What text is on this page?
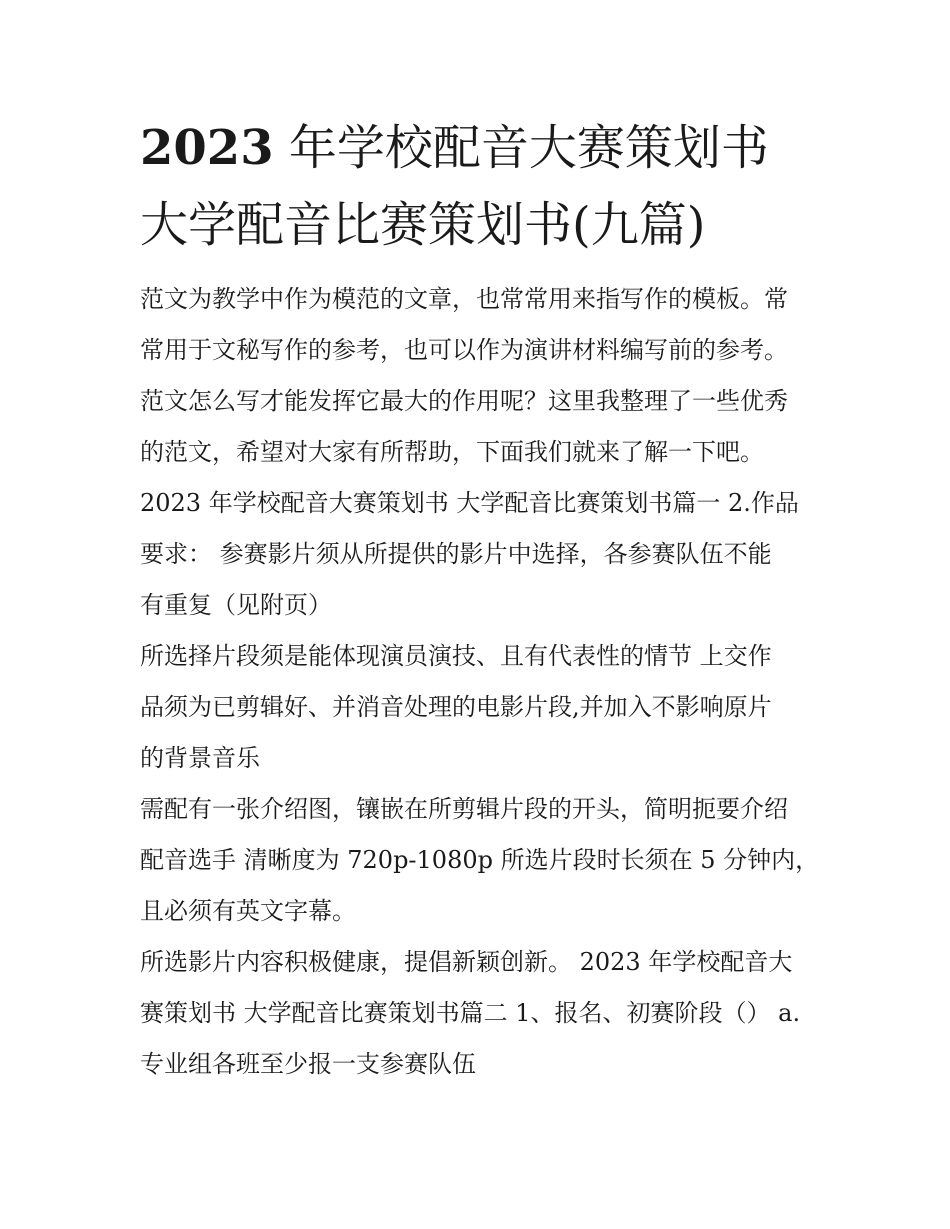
2023 年学校配音大赛策划书
大学配音比赛策划书(九篇)
范文为教学中作为模范的文章，也常常用来指写作的模板。常
常用于文秘写作的参考，也可以作为演讲材料编写前的参考。
范文怎么写才能发挥它最大的作用呢？这里我整理了一些优秀
的范文，希望对大家有所帮助，下面我们就来了解一下吧。
2023 年学校配音大赛策划书 大学配音比赛策划书篇一 2.作品
要求： 参赛影片须从所提供的影片中选择，各参赛队伍不能
有重复（见附页）
所选择片段须是能体现演员演技、且有代表性的情节 上交作
品须为已剪辑好、并消音处理的电影片段,并加入不影响原片
的背景音乐
需配有一张介绍图，镶嵌在所剪辑片段的开头，简明扼要介绍
配音选手 清晰度为 720p-1080p 所选片段时长须在 5 分钟内，
且必须有英文字幕。
所选影片内容积极健康，提倡新颖创新。 2023 年学校配音大
赛策划书 大学配音比赛策划书篇二 1、报名、初赛阶段（） a.
专业组各班至少报一支参赛队伍
